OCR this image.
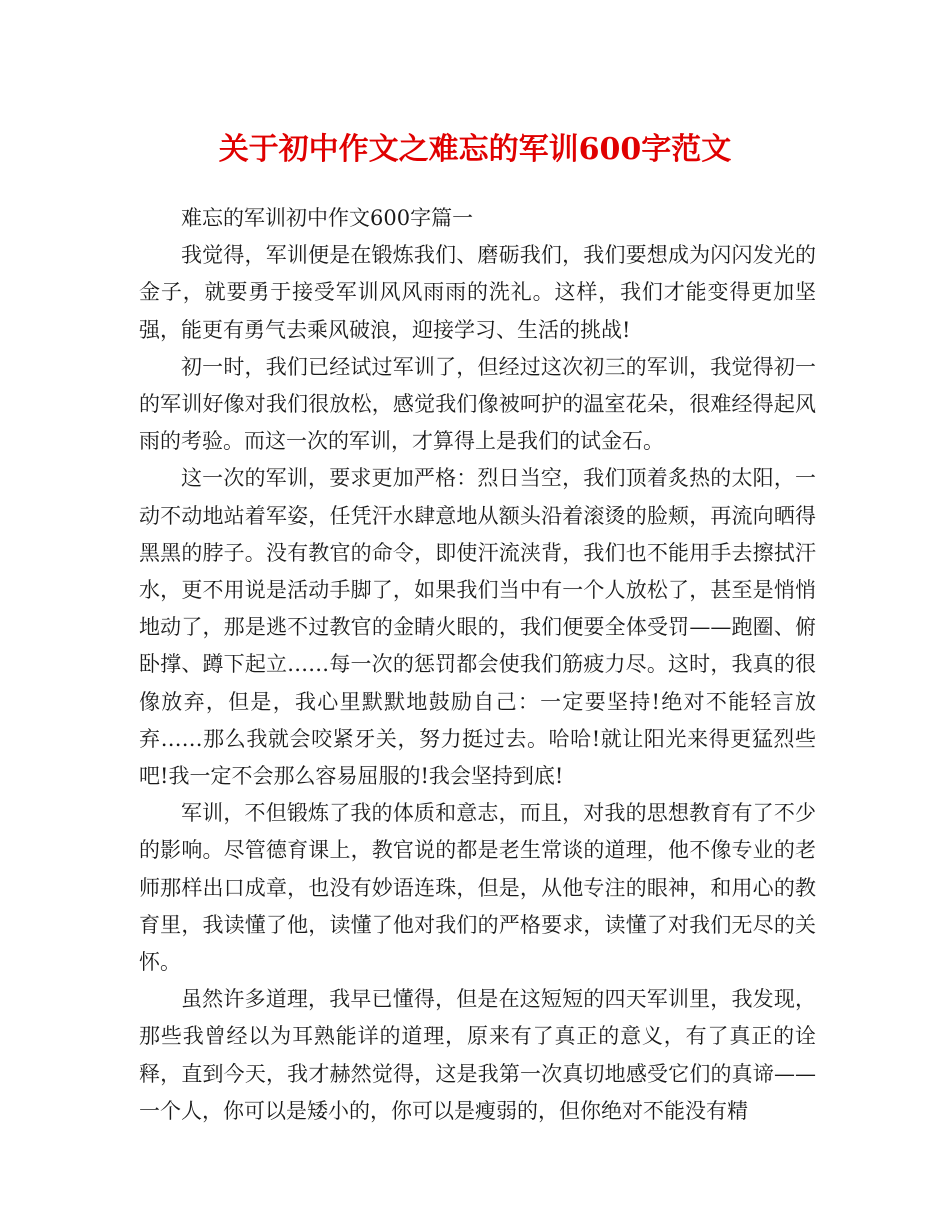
关于初中作文之难忘的军训600字范文

难忘的军训初中作文600字篇一

我觉得，军训便是在锻炼我们、磨砺我们，我们要想成为闪闪发光的金子，就要勇于接受军训风风雨雨的洗礼。这样，我们才能变得更加坚强，能更有勇气去乘风破浪，迎接学习、生活的挑战!

初一时，我们已经试过军训了，但经过这次初三的军训，我觉得初一的军训好像对我们很放松，感觉我们像被呵护的温室花朵，很难经得起风雨的考验。而这一次的军训，才算得上是我们的试金石。

这一次的军训，要求更加严格：烈日当空，我们顶着炙热的太阳，一动不动地站着军姿，任凭汗水肆意地从额头沿着滚烫的脸颊，再流向晒得黑黑的脖子。没有教官的命令，即使汗流浃背，我们也不能用手去擦拭汗水，更不用说是活动手脚了，如果我们当中有一个人放松了，甚至是悄悄地动了，那是逃不过教官的金睛火眼的，我们便要全体受罚——跑圈、俯卧撑、蹲下起立……每一次的惩罚都会使我们筋疲力尽。这时，我真的很像放弃，但是，我心里默默地鼓励自己：一定要坚持!绝对不能轻言放弃……那么我就会咬紧牙关，努力挺过去。哈哈!就让阳光来得更猛烈些吧!我一定不会那么容易屈服的!我会坚持到底!

军训，不但锻炼了我的体质和意志，而且，对我的思想教育有了不少的影响。尽管德育课上，教官说的都是老生常谈的道理，他不像专业的老师那样出口成章，也没有妙语连珠，但是，从他专注的眼神，和用心的教育里，我读懂了他，读懂了他对我们的严格要求，读懂了对我们无尽的关怀。

虽然许多道理，我早已懂得，但是在这短短的四天军训里，我发现，那些我曾经以为耳熟能详的道理，原来有了真正的意义，有了真正的诠释，直到今天，我才赫然觉得，这是我第一次真切地感受它们的真谛—— 一个人，你可以是矮小的，你可以是瘦弱的，但你绝对不能没有精
